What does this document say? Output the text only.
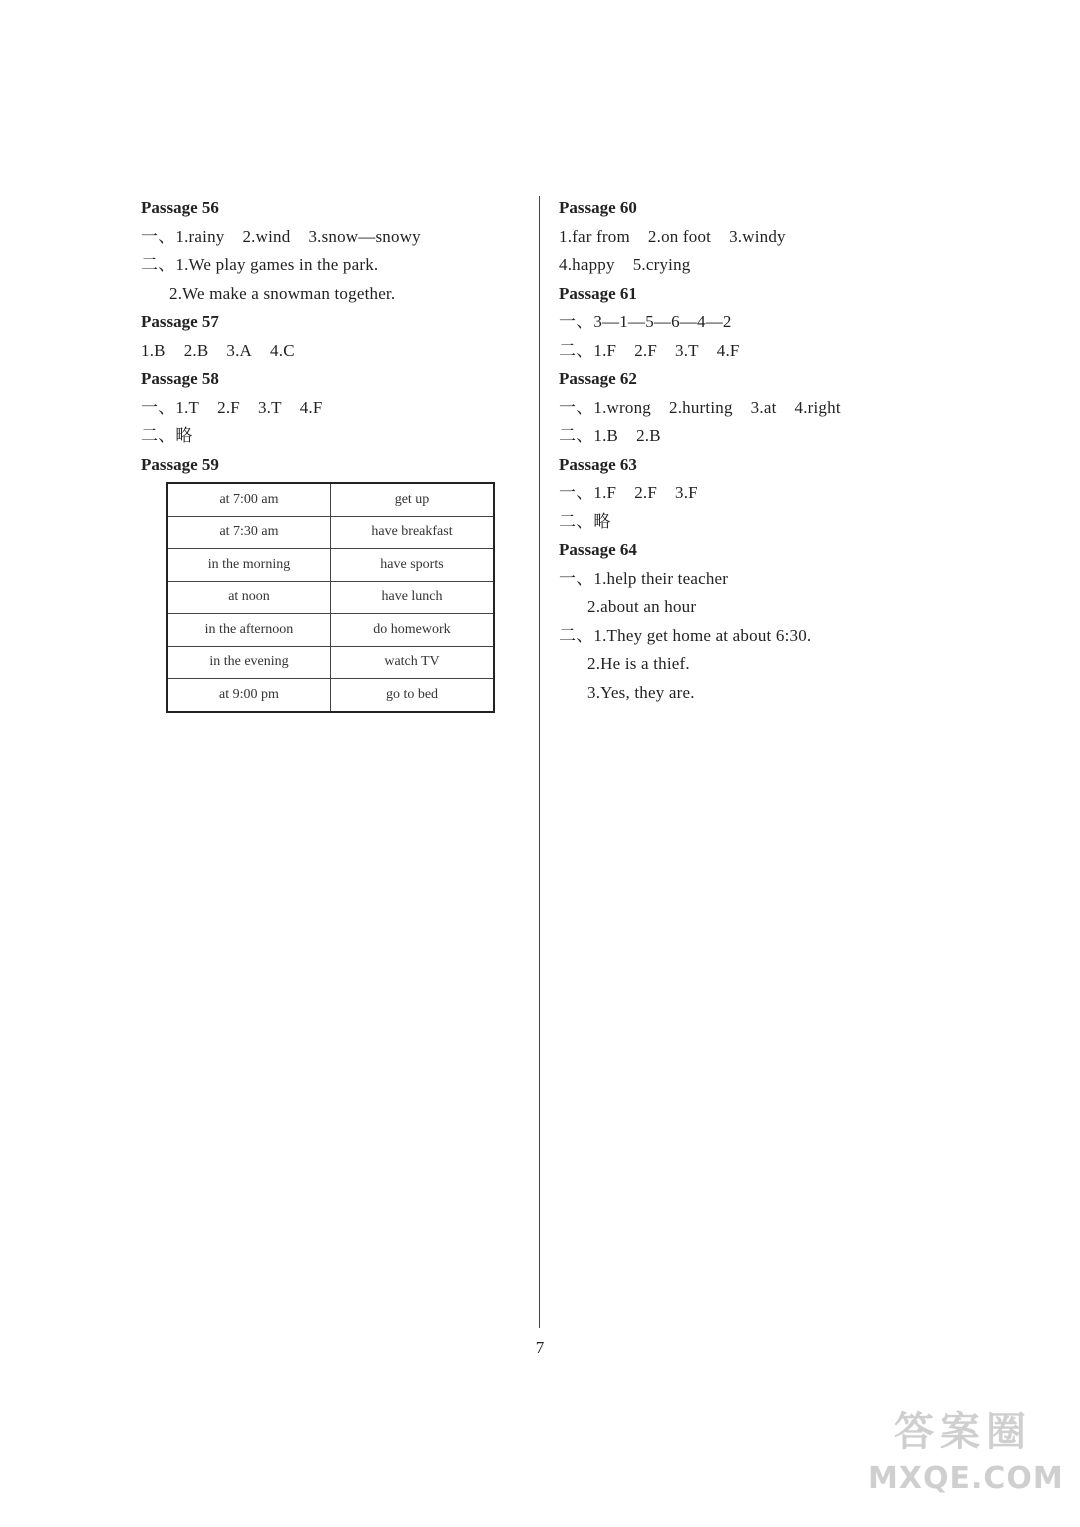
Passage 56
一、1.rainy 2.wind 3.snow—snowy
二、1.We play games in the park.
2.We make a snowman together.
Passage 57
1.B 2.B 3.A 4.C
Passage 58
一、1.T 2.F 3.T 4.F
二、略
Passage 59
Passage 60
1.far from 2.on foot 3.windy
4.happy 5.crying
Passage 61
一、3—1—5—6—4—2
二、1.F 2.F 3.T 4.F
Passage 62
一、1.wrong 2.hurting 3.at 4.right
二、1.B 2.B
Passage 63
一、1.F 2.F 3.F
二、略
Passage 64
一、1.help their teacher
2.about an hour
二、1.They get home at about 6:30.
2.He is a thief.
3.Yes, they are.
at 7:00 am	get up
at 7:30 am	have breakfast
in the morning	have sports
at noon	have lunch
in the afternoon	do homework
in the evening	watch TV
at 9:00 pm	go to bed
7
答案圈
MXQE.COM
